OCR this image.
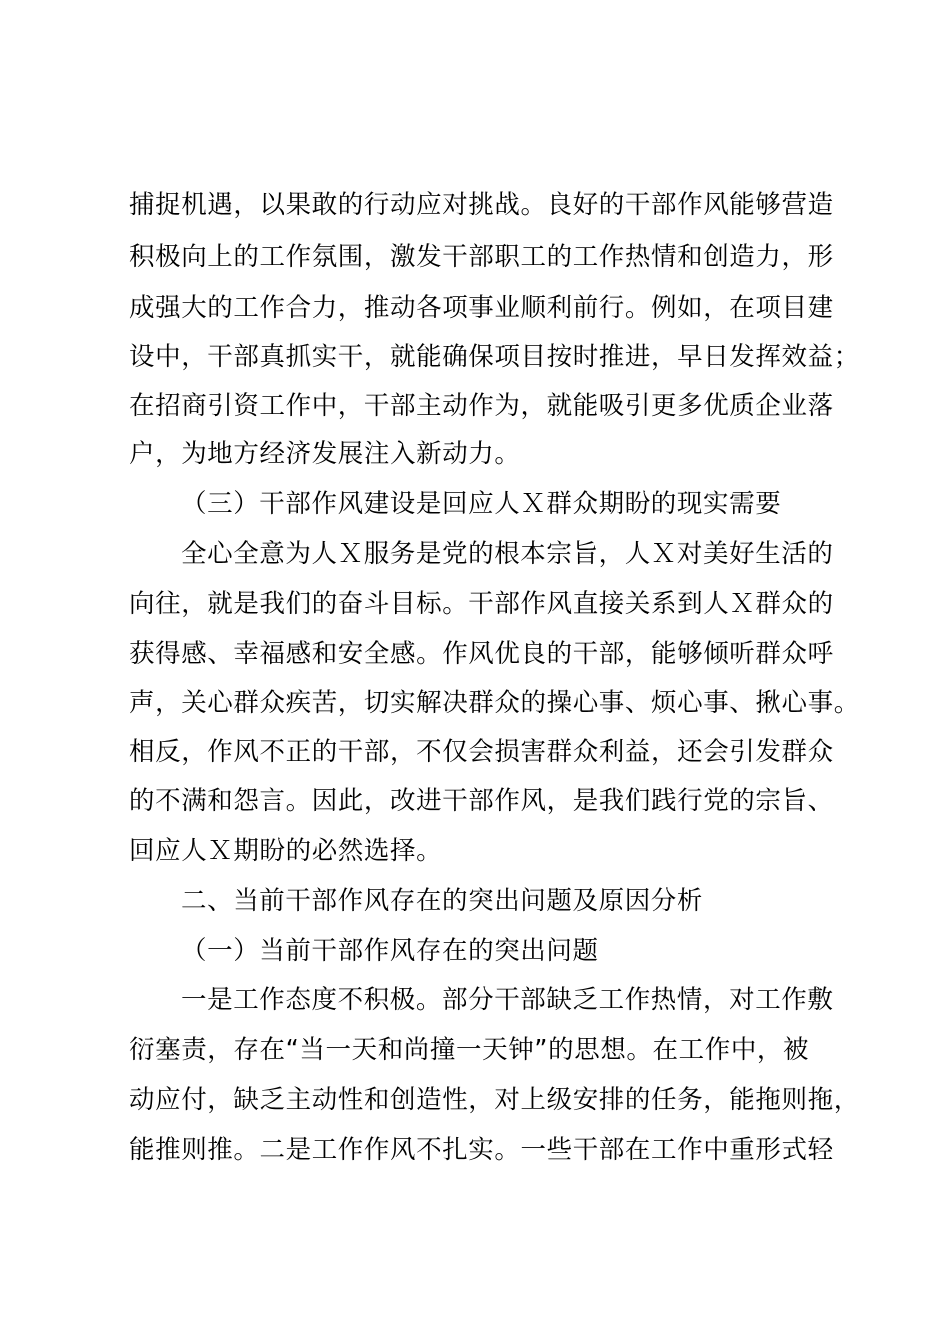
捕捉机遇，以果敢的行动应对挑战。良好的干部作风能够营造
积极向上的工作氛围，激发干部职工的工作热情和创造力，形
成强大的工作合力，推动各项事业顺利前行。例如，在项目建
设中，干部真抓实干，就能确保项目按时推进，早日发挥效益；
在招商引资工作中，干部主动作为，就能吸引更多优质企业落
户，为地方经济发展注入新动力。
（三）干部作风建设是回应人Ｘ群众期盼的现实需要
全心全意为人Ｘ服务是党的根本宗旨，人Ｘ对美好生活的
向往，就是我们的奋斗目标。干部作风直接关系到人Ｘ群众的
获得感、幸福感和安全感。作风优良的干部，能够倾听群众呼
声，关心群众疾苦，切实解决群众的操心事、烦心事、揪心事。
相反，作风不正的干部，不仅会损害群众利益，还会引发群众
的不满和怨言。因此，改进干部作风，是我们践行党的宗旨、
回应人Ｘ期盼的必然选择。
二、当前干部作风存在的突出问题及原因分析
（一）当前干部作风存在的突出问题
一是工作态度不积极。部分干部缺乏工作热情，对工作敷
衍塞责，存在“当一天和尚撞一天钟”的思想。在工作中，被
动应付，缺乏主动性和创造性，对上级安排的任务，能拖则拖，
能推则推。二是工作作风不扎实。一些干部在工作中重形式轻
